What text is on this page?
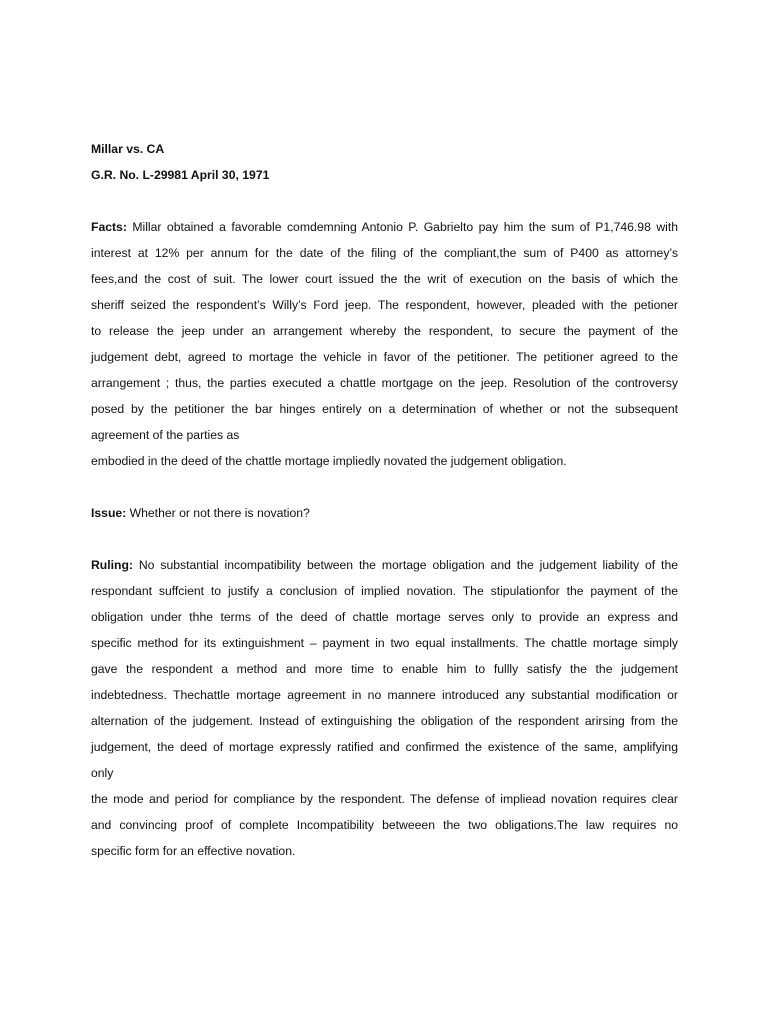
Millar vs. CA
G.R. No. L-29981 April 30, 1971
Facts: Millar obtained a favorable comdemning Antonio P. Gabrielto pay him the sum of P1,746.98 with
interest at 12% per annum for the date of the filing of the compliant,the sum of P400 as attorney’s
fees,and the cost of suit. The lower court issued the the writ of execution on the basis of which the
sheriff seized the respondent’s Willy’s Ford jeep. The respondent, however, pleaded with the petioner
to release the jeep under an arrangement whereby the respondent, to secure the payment of the
judgement debt, agreed to mortage the vehicle in favor of the petitioner. The petitioner agreed to the
arrangement ; thus, the parties executed a chattle mortgage on the jeep. Resolution of the controversy
posed by the petitioner the bar hinges entirely on a determination of whether or not the subsequent
agreement of the parties as
embodied in the deed of the chattle mortage impliedly novated the judgement obligation.
Issue: Whether or not there is novation?
Ruling: No substantial incompatibility between the mortage obligation and the judgement liability of the
respondant suffcient to justify a conclusion of implied novation. The stipulationfor the payment of the
obligation under thhe terms of the deed of chattle mortage serves only to provide an express and
specific method for its extinguishment – payment in two equal installments. The chattle mortage simply
gave the respondent a method and more time to enable him to fullly satisfy the the judgement
indebtedness. Thechattle mortage agreement in no mannere introduced any substantial modification or
alternation of the judgement. Instead of extinguishing the obligation of the respondent arirsing from the
judgement, the deed of mortage expressly ratified and confirmed the existence of the same, amplifying
only
the mode and period for compliance by the respondent. The defense of impliead novation requires clear
and convincing proof of complete Incompatibility betweeen the two obligations.The law requires no
specific form for an effective novation.
